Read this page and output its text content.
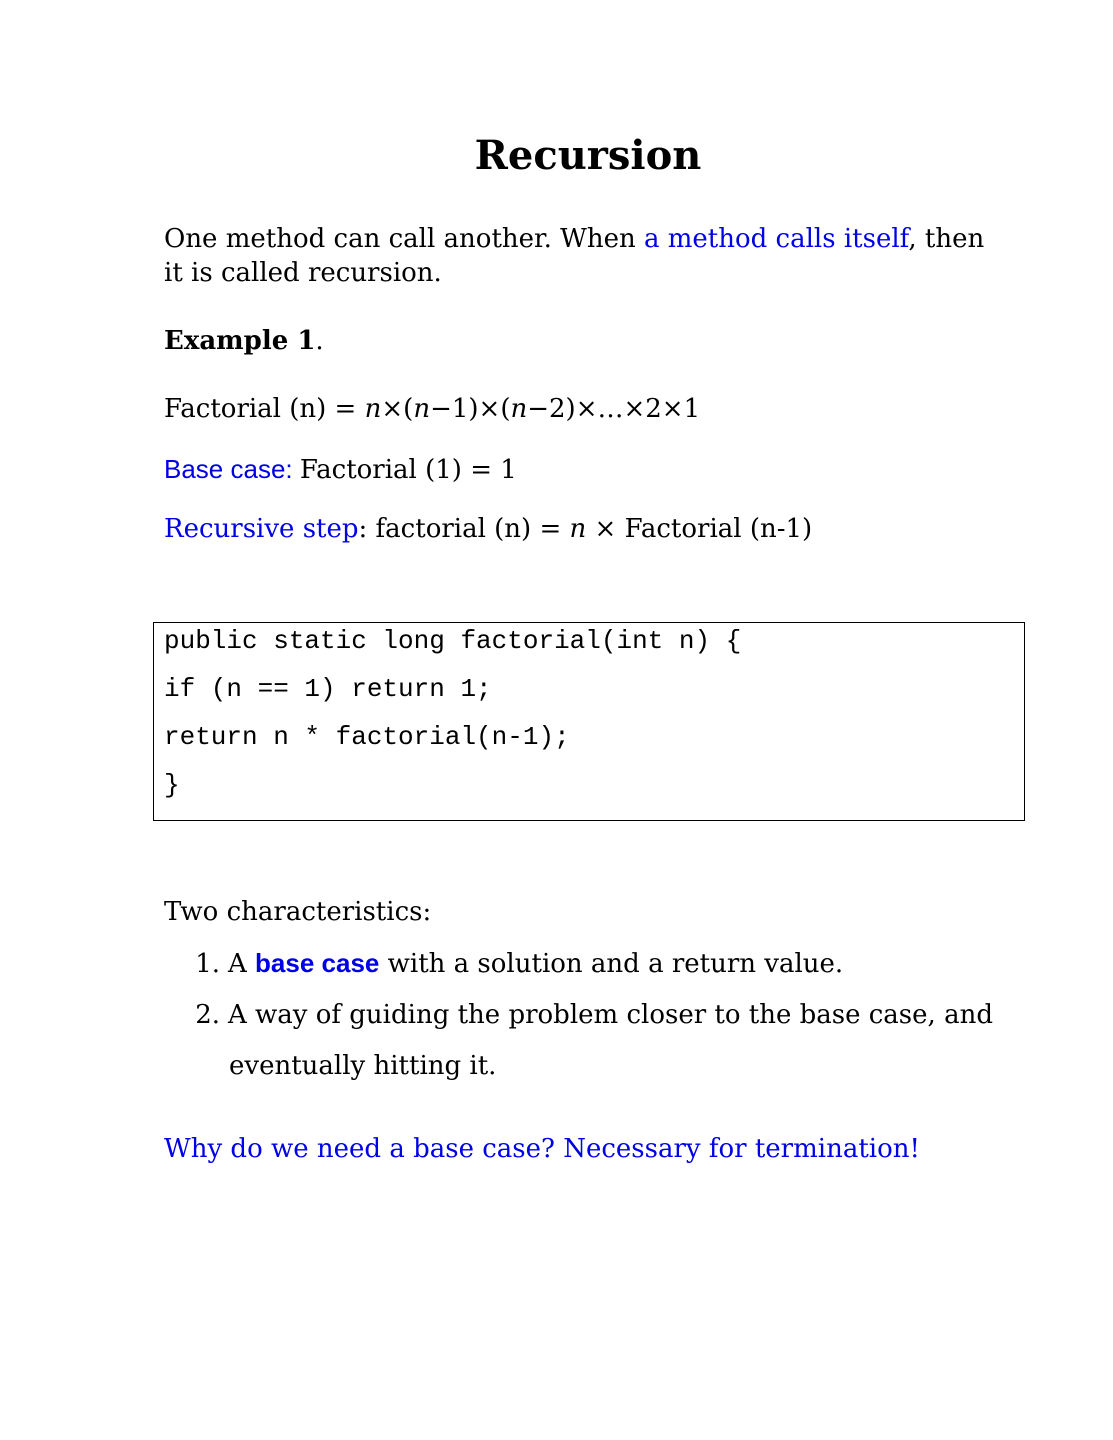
Recursion
One method can call another. When a method calls itself, then
it is called recursion.
Example 1.
Factorial (n) = n×(n−1)×(n−2)×…×2×1
Base case: Factorial (1) = 1
Recursive step: factorial (n) = n × Factorial (n-1)
public static long factorial(int n) {
if (n == 1) return 1;
return n * factorial(n-1);
}
Two characteristics:
1. A base case with a solution and a return value.
2. A way of guiding the problem closer to the base case, and
eventually hitting it.
Why do we need a base case? Necessary for termination!
